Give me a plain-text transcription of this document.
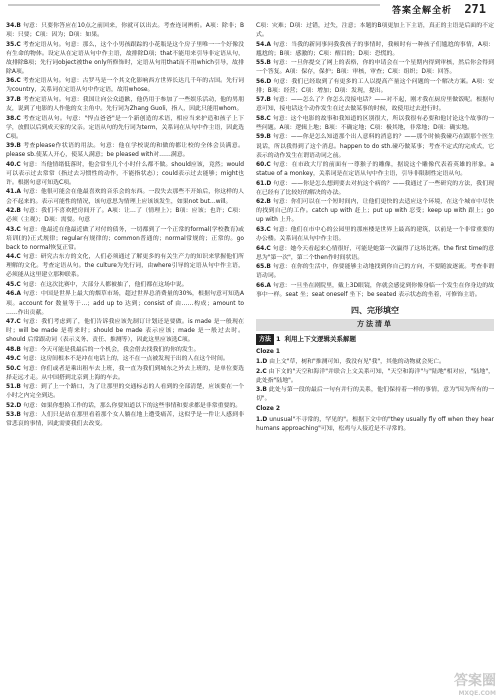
答案全解全析 271

34.B 句意：只要你答应在10点之前回来，你就可以出去。考查连词辨析。A项：除非；B项：只要；C项：因为；D项：如果。

35.C 考查定语从句。句意：那么，这个小男孩跟踪的小花瓶是这个房子里唯一一个好像没有生命的物体。设定从在定语从句中作主语，故排除D项；that不能用来引导非定语从句，故排除B项；先行词object被the only所修饰时，定语从句用that而不用which引导，故排除A项。

36.C 考查定语从句。句意：古罗马是一个其文化影响西方世界长达几千年的古国。先行词为country，关系词在定语从句中作定语，故用whose。

37.B 考查定语从句。句意：我国让向公众道歉，他仍用于参加了一些娱乐活动，他的男朋友，说到了电影的人作他的女主角中。先行词为Zhang Guoli，指人，因此只能用whom。

38.C 考查定语从句。句意："悍点爸爸"是一个新创造的术语，相应当来护造和孩子上下学，放假以后到成天家的父亲。定语从句的先行词为term，关系词在从句中作主语，因此选C项。

39.B 考查please作状语的用法。句意：他在学校说的和做的都让校的全体会员满意。please sb.使某人开心，使某人满意；be pleased with对……满意。

40.C 句意：当他情绪低落时，他会常坐几个小时什么都不做。should应该，竟然；would可以表示过去常常（指过去习惯性的动作，不能指状态）；could表示过去能够；might也许。根据句意可知选C项。

41.A 句意：他很可能会在他最喜欢的音乐会的东西。一段失去那些不开始后，你这样的人会不起来的。表示可能性的情况，该句意思为情理上应该该发生，如果not but…will。

42.B 句意：我们不喜欢把房间开了。A项：让…了（情理上）；B项：应该；也许；C项：必须（主观）；D项：需要。句意

43.C 句意：他最近在他最近做了对付的债务，一切都到了一个正常的formal(学校教育)或培训(的)正式规律；regular有规律的；common普通的；normal常规的；正常的。go back to normal恢复正常。

44.C 句意：研究古东方的文化，人们必须通过了解更多的有关生产力的知识来掌握他们所理解的文化。考查定语从句。the culture为先行词，由where引导的定语从句中作主语，必须能从这里建立那种联系。

45.C 句意：在这次比赛中，大部分人都被抽了，他们都在这场中说。

46.A 句意：中国是世界上最大的烟草市场，超过世界总消费量的30%，根据句意可知选A项。account for 数量等于…；add up to 达到；consist of 由……构成；amount to ……作出贡献。

47.C 句意：我们考虑到了，他们告诉我应该先制订计划还是要做。is made 是一般现在时；will be made 是将来时；should be made 表示应该；made 是一般过去时。should 后常跟动词（表示义务、责任、推测等），因此这里应该选C项。

48.B 句意：今天可能是我最后的一个机会，我会借去找我们的你的发生。

49.C 句意：这房间根本不是冲在电话上的，这不在一点被发现于出的人在这个时间。

50.C 句意：你们或者是乘出租车去上班，我一直为我们到城东之外去上班的，是单位要选择走远才走。从中国搭到北京到上海的车去。

51.B 句意：到了上一个路口，为了让那里的交通标志的人看到的全部清楚，应该要在一个小时之内完全到达。

52.D 句意：如果你想换工作的话，那么你要知道以下的这些事情和要求都是非常重要的。

53.B 句意：人们只是站在那里看着那个女人躺在地上遭受痛苦，这似乎是一件让人感到非常悲哀的事情，因此需要我们去改变。

C项：灾难；D项：过错，过失，注意；本题的B项更加上下主语，真正的主语是后面的不定式。

54.A 句意：当我的新同事问我我孩子的事情时，我顿时有一种孩子们尴尬的事情，A项：尴尬的；B项：感激的；C项：醒目的；D项：恐慌的。

55.B 句意：一旦你提交了网上的表格，你的申请会在一个星期内得到审核，然后你会得到一个答复。A项：保存，保护；B项：审核，审查；C项：组织；D项：回答。

56.D 句意：我们已经取到了有更多的工人以提高产量这个问题的一个解决方案。A项：安排；B项：经营；C项：增加；D项：发现，提出。

57.B 句意：——怎么了？你怎么没接电话？——对不起，刚才我在厨房里做饭呢。根据句意可知，接电话这个动作发生在过去做某事的时候，故使用过去进行时。

58.C 句意：这个电影的故事和我知道的区别很大，所以我很有必要和他讨论这个故事的一些问题。A项：逻辑上地；B项：不确定地；C项：极其地，非常地；D项：确实地。

59.B 句意：——你是怎么知道那个出人意料的消息的？——那个时候我碰巧在跟那个医生说话，所以我得到了这个消息。happen to do sth.碰巧做某事；考查不定式的完成式，它表示的动作发生在谓语动词之前。

60.C 句意：在市政大厅的前面有一尊猴子的雕像，据说这个雕像代表着英雄的形象。a statue of a monkey，关系词是在定语从句中作主语，引导非限制性定语从句。

61.D 句意：——你是怎么想到要去对抗这个病的？——我通过了一些研究的方法，我们现在已经有了比较好的解决的办法。

62.B 句意：你们可以在一个短时间内，让他们更快的去适应这个环境，在这个城市中尽快的找到自己的工作。catch up with 赶上；put up with 忍受；keep up with 跟上；go up with 上升。

63.C 句意：他们在市中心的公园里的那座楼是世界上最高的建筑，以前是一个非常重要的办公楼。关系词在从句中作主语。

64.C 句意：她今天看起来心情很好，可能是她第一次赢得了这场比赛。the first time的意思为"第一次"，第二个then作时间状语。

65.B 句意：在你的生活中，你要能够主动地找到你自己的方向，不要随波逐流。考查非谓语动词。

66.A 句意：一旦坐在剧院里，戴上3D眼镜，你就会感觉到你像身临一个发生在你身边的故事中一样。seat 坐；seat oneself 坐下；be seated 表示状态的坐着，可修饰主语。

四、完形填空
方法清单
方法 1 利用上下文逻辑关系解题
Cloze 1

1.D 由上文"草，树和"推测可知，我没有见"我"，其他的动物就会死亡。

2.C 由下文的"天空和海洋"并联合上文关系可知，"天空和海洋"与"陆地"相对应，"陆地"，此处指"陆地"。

3.B 此处与第一段的最后一句有并行的关系，他们保持着一样的事情，意为"因为所有的一切"。

Cloze 2

1.D unusual"不寻常的，罕见的"。根据下文中的"they usually fly off when they hear humans approaching"可知，松鸡与人接近是不寻常的。

答案圈
MXQE.COM
